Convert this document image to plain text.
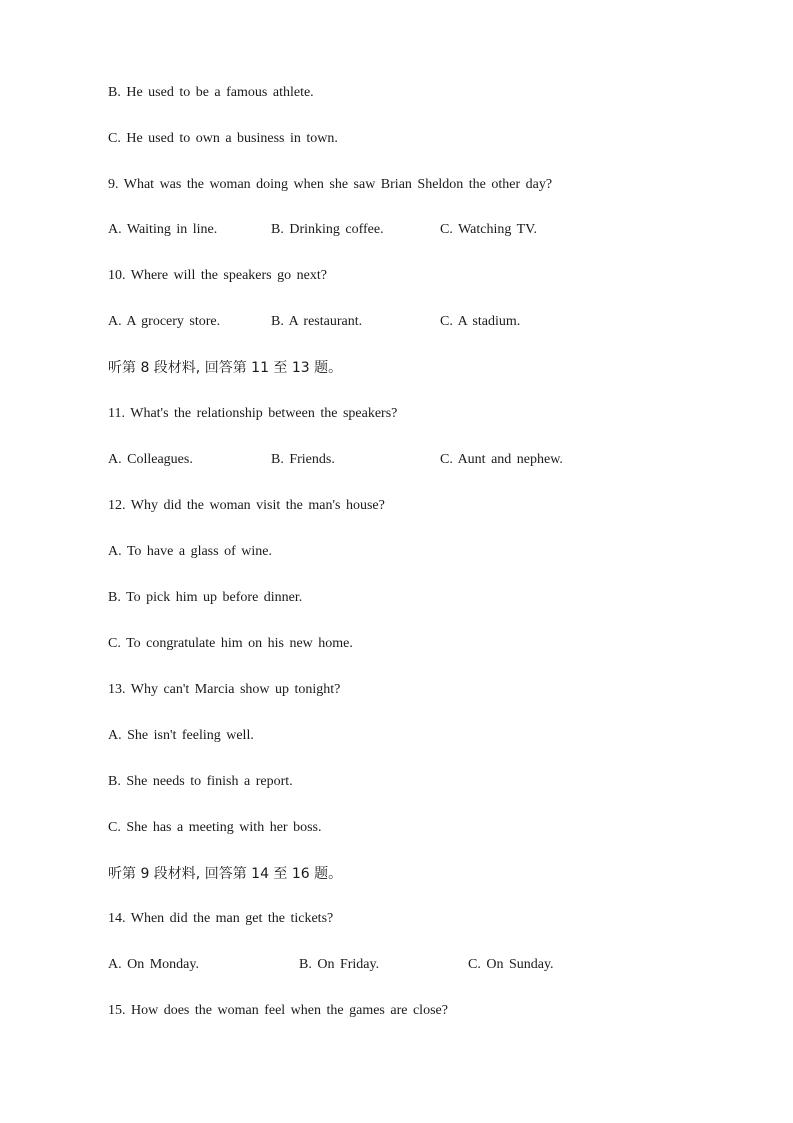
B. He used to be a famous athlete.
C. He used to own a business in town.
9. What was the woman doing when she saw Brian Sheldon the other day?
A. Waiting in line.	B. Drinking coffee.	C. Watching TV.
10. Where will the speakers go next?
A. A grocery store.	B. A restaurant.	C. A stadium.
听第 8 段材料, 回答第 11 至 13 题。
11. What's the relationship between the speakers?
A. Colleagues.	B. Friends.	C. Aunt and nephew.
12. Why did the woman visit the man's house?
A. To have a glass of wine.
B. To pick him up before dinner.
C. To congratulate him on his new home.
13. Why can't Marcia show up tonight?
A. She isn't feeling well.
B. She needs to finish a report.
C. She has a meeting with her boss.
听第 9 段材料, 回答第 14 至 16 题。
14. When did the man get the tickets?
A. On Monday.	B. On Friday.	C. On Sunday.
15. How does the woman feel when the games are close?
